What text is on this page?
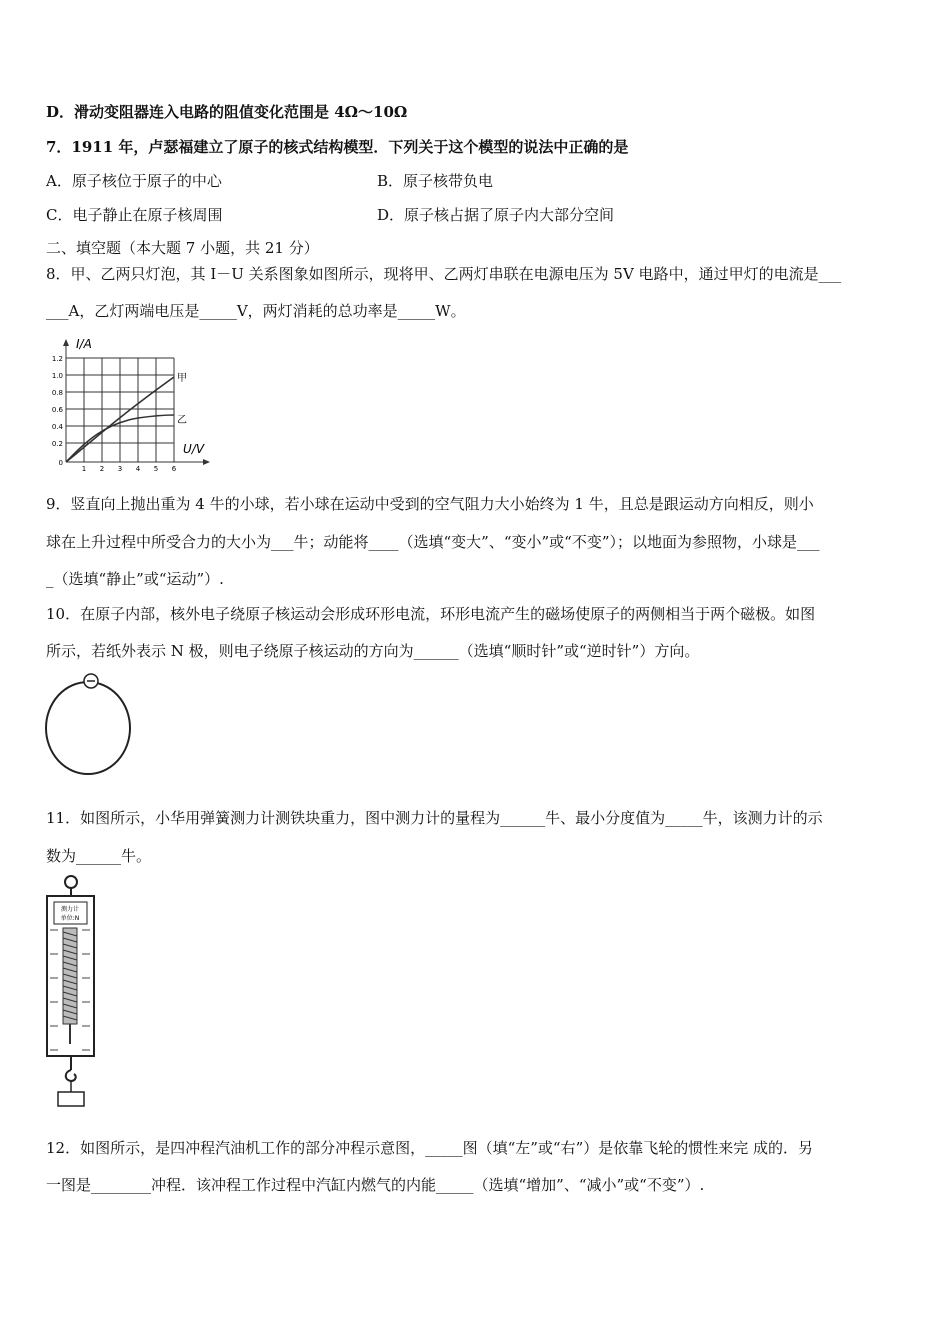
D．滑动变阻器连入电路的阻值变化范围是 4Ω～10Ω
7．1911 年，卢瑟福建立了原子的核式结构模型．下列关于这个模型的说法中正确的是
A．原子核位于原子的中心	B．原子核带负电
C．电子静止在原子核周围	D．原子核占据了原子内大部分空间
二、填空题（本大题 7 小题，共 21 分）
8．甲、乙两只灯泡，其 I－U 关系图象如图所示，现将甲、乙两灯串联在电源电压为 5V 电路中，通过甲灯的电流是___
___A，乙灯两端电压是_____V，两灯消耗的总功率是_____W。
I/A
U/V
甲
乙
1.2
1.0
0.8
0.6
0.4
0.2
0
1 2 3 4 5 6
9．竖直向上抛出重为 4 牛的小球，若小球在运动中受到的空气阻力大小始终为 1 牛，且总是跟运动方向相反，则小
球在上升过程中所受合力的大小为___牛；动能将____（选填“变大”、“变小”或“不变”）；以地面为参照物，小球是___
_（选填“静止”或“运动”）.
10．在原子内部，核外电子绕原子核运动会形成环形电流，环形电流产生的磁场使原子的两侧相当于两个磁极。如图
所示，若纸外表示 N 极，则电子绕原子核运动的方向为______（选填“顺时针”或“逆时针”）方向。
11．如图所示，小华用弹簧测力计测铁块重力，图中测力计的量程为______牛、最小分度值为_____牛，该测力计的示
数为______牛。
测力计
单位:N
12．如图所示，是四冲程汽油机工作的部分冲程示意图，_____图（填“左”或“右”）是依靠飞轮的惯性来完 成的．另
一图是________冲程．该冲程工作过程中汽缸内燃气的内能_____（选填“增加”、“减小”或“不变”）.
